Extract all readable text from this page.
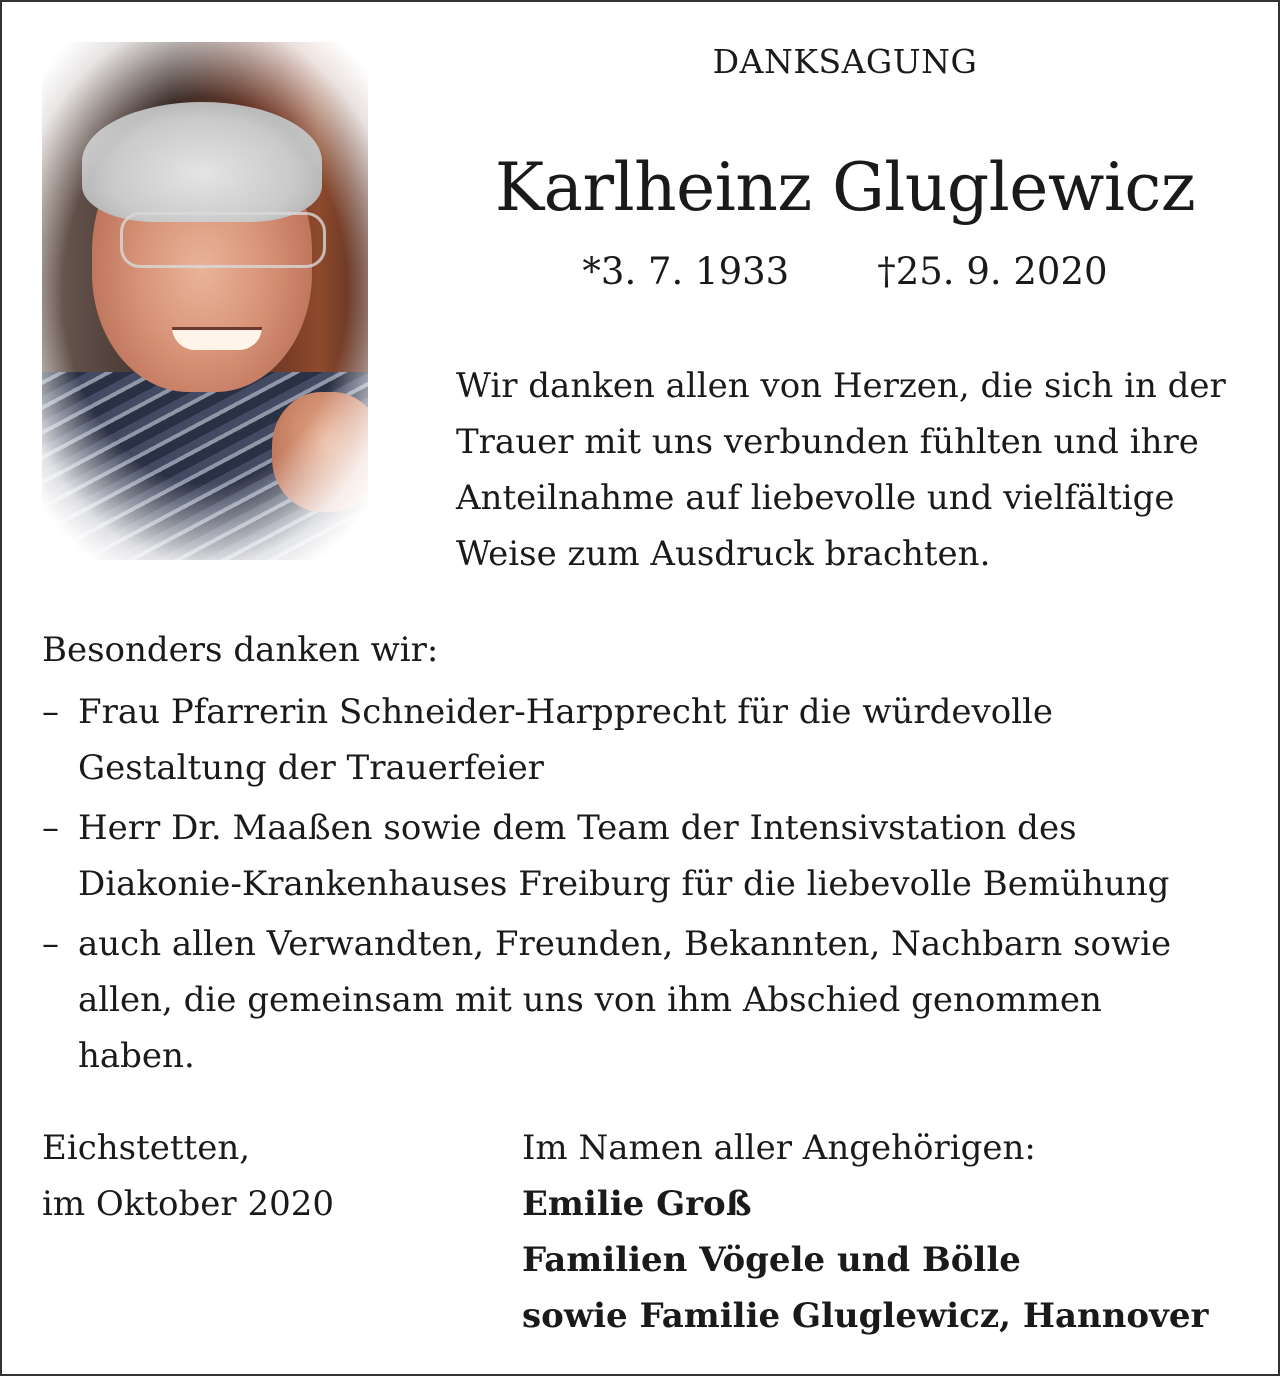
DANKSAGUNG
Karlheinz Gluglewicz
*3. 7. 1933 †25. 9. 2020
Wir danken allen von Herzen, die sich in der
Trauer mit uns verbunden fühlten und ihre
Anteilnahme auf liebevolle und vielfältige
Weise zum Ausdruck brachten.
Besonders danken wir:
– Frau Pfarrerin Schneider-Harpprecht für die würdevolle
Gestaltung der Trauerfeier
– Herr Dr. Maaßen sowie dem Team der Intensivstation des
Diakonie-Krankenhauses Freiburg für die liebevolle Bemühung
– auch allen Verwandten, Freunden, Bekannten, Nachbarn sowie
allen, die gemeinsam mit uns von ihm Abschied genommen
haben.
Eichstetten,
im Oktober 2020
Im Namen aller Angehörigen:
Emilie Groß
Familien Vögele und Bölle
sowie Familie Gluglewicz, Hannover
